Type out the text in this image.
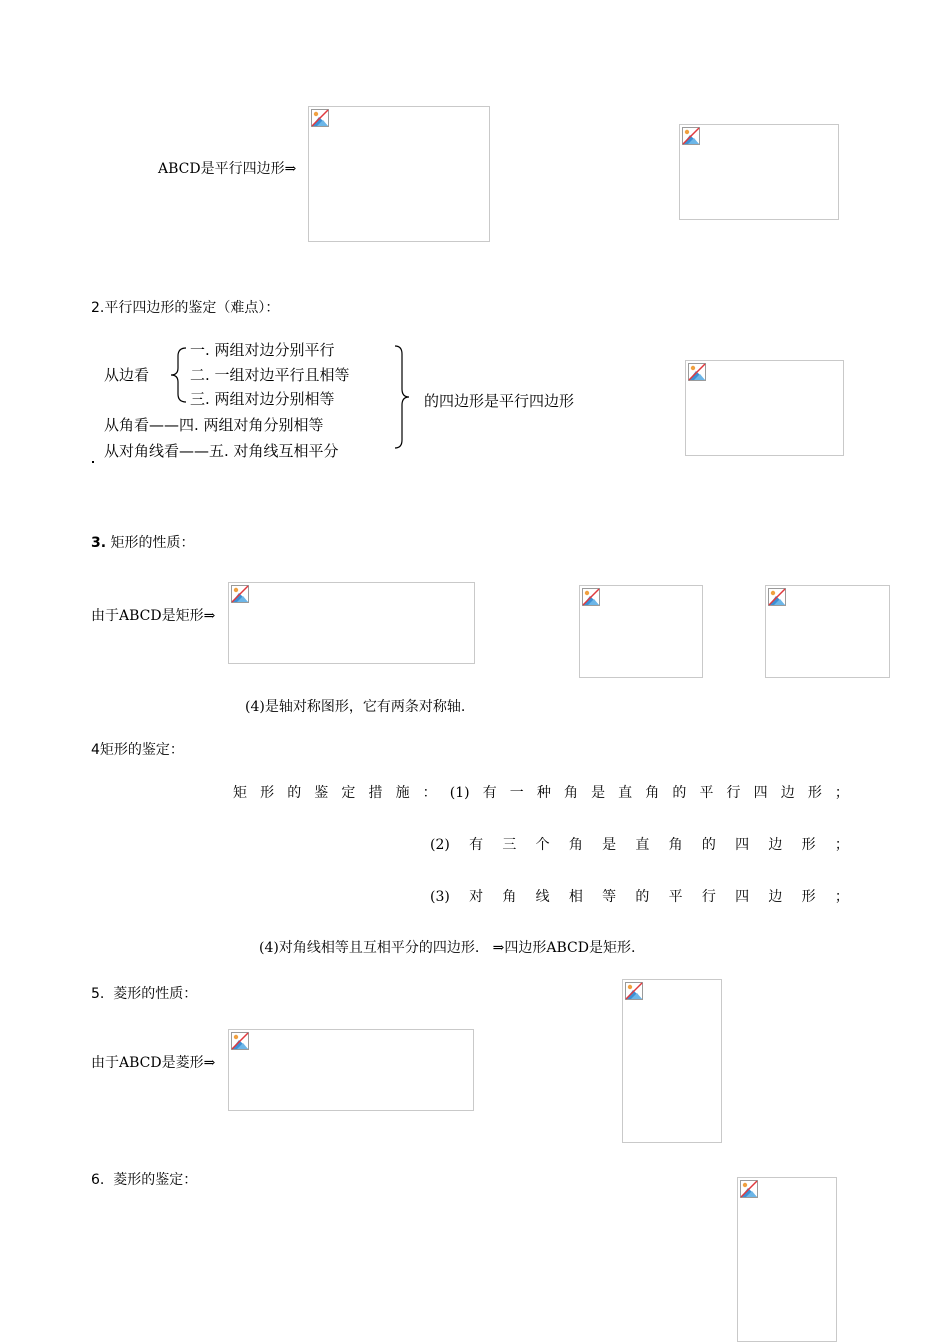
ABCD是平行四边形⇒
2.平行四边形的鉴定（难点）：
从边看
一. 两组对边分别平行
二. 一组对边平行且相等
三. 两组对边分别相等
从角看——四. 两组对角分别相等
从对角线看——五. 对角线互相平分
的四边形是平行四边形
3. 矩形的性质：
由于ABCD是矩形⇒
(4)是轴对称图形，它有两条对称轴.
4矩形的鉴定：
矩 形 的 鉴 定 措 施 ： (1) 有 一 种 角 是 直 角 的 平 行 四 边 形 ；
(2) 有 三 个 角 是 直 角 的 四 边 形 ；
(3) 对 角 线 相 等 的 平 行 四 边 形 ；
(4)对角线相等且互相平分的四边形.   ⇒四边形ABCD是矩形.
5.  菱形的性质：
由于ABCD是菱形⇒
6.  菱形的鉴定：
